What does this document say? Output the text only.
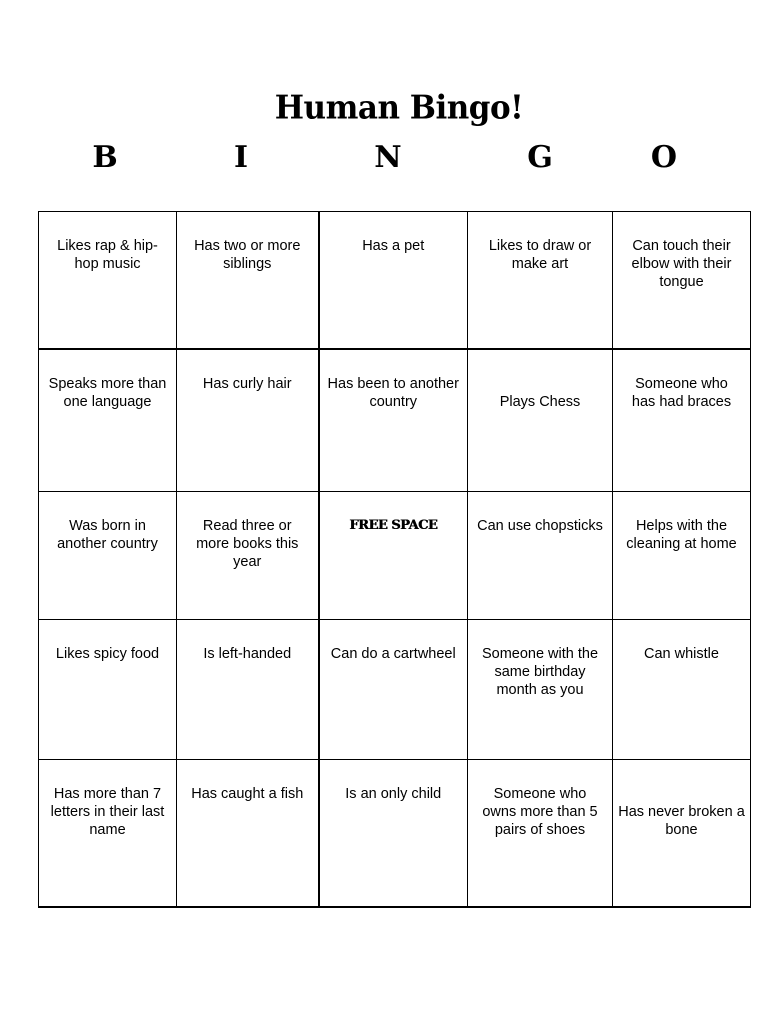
Human Bingo!
B	I	N	G	O
Likes rap & hip-hop music	Has two or more siblings	Has a pet	Likes to draw or make art	Can touch their elbow with their tongue
Speaks more than one language	Has curly hair	Has been to another country	Plays Chess	Someone who has had braces
Was born in another country	Read three or more books this year	FREE SPACE	Can use chopsticks	Helps with the cleaning at home
Likes spicy food	Is left-handed	Can do a cartwheel	Someone with the same birthday month as you	Can whistle
Has more than 7 letters in their last name	Has caught a fish	Is an only child	Someone who owns more than 5 pairs of shoes	Has never broken a bone
